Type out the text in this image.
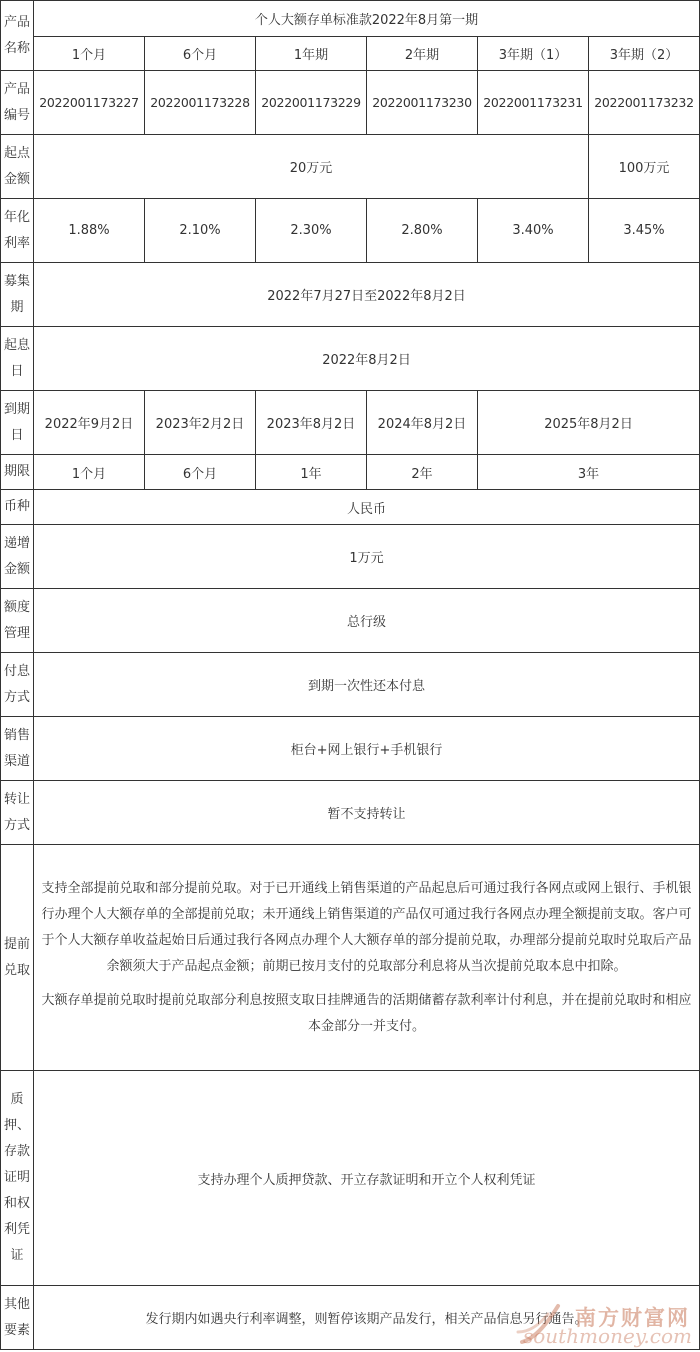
产品名称	个人大额存单标准款2022年8月第一期					
	1个月	6个月	1年期	2年期	3年期（1）	3年期（2）
产品编号	2022001173227	2022001173228	2022001173229	2022001173230	2022001173231	2022001173232
起点金额	20万元					100万元
年化利率	1.88%	2.10%	2.30%	2.80%	3.40%	3.45%
募集期	2022年7月27日至2022年8月2日					
起息日	2022年8月2日					
到期日	2022年9月2日	2023年2月2日	2023年8月2日	2024年8月2日	2025年8月2日	
期限	1个月	6个月	1年	2年	3年	
币种	人民币					
递增金额	1万元					
额度管理	总行级					
付息方式	到期一次性还本付息					
销售渠道	柜台+网上银行+手机银行					
转让方式	暂不支持转让					
提前兑取	支持全部提前兑取和部分提前兑取。对于已开通线上销售渠道的产品起息后可通过我行各网点或网上银行、手机银行办理个人大额存单的全部提前兑取；未开通线上销售渠道的产品仅可通过我行各网点办理全额提前支取。客户可于个人大额存单收益起始日后通过我行各网点办理个人大额存单的部分提前兑取，办理部分提前兑取时兑取后产品余额须大于产品起点金额；前期已按月支付的兑取部分利息将从当次提前兑取本息中扣除。

大额存单提前兑取时提前兑取部分利息按照支取日挂牌通告的活期储蓄存款利率计付利息，并在提前兑取时和相应本金部分一并支付。					

质押、存款证明和权利凭证	支持办理个人质押贷款、开立存款证明和开立个人权利凭证					
其他要素	发行期内如遇央行利率调整，则暂停该期产品发行，相关产品信息另行通告。					
南方财富网
southmoney.com
